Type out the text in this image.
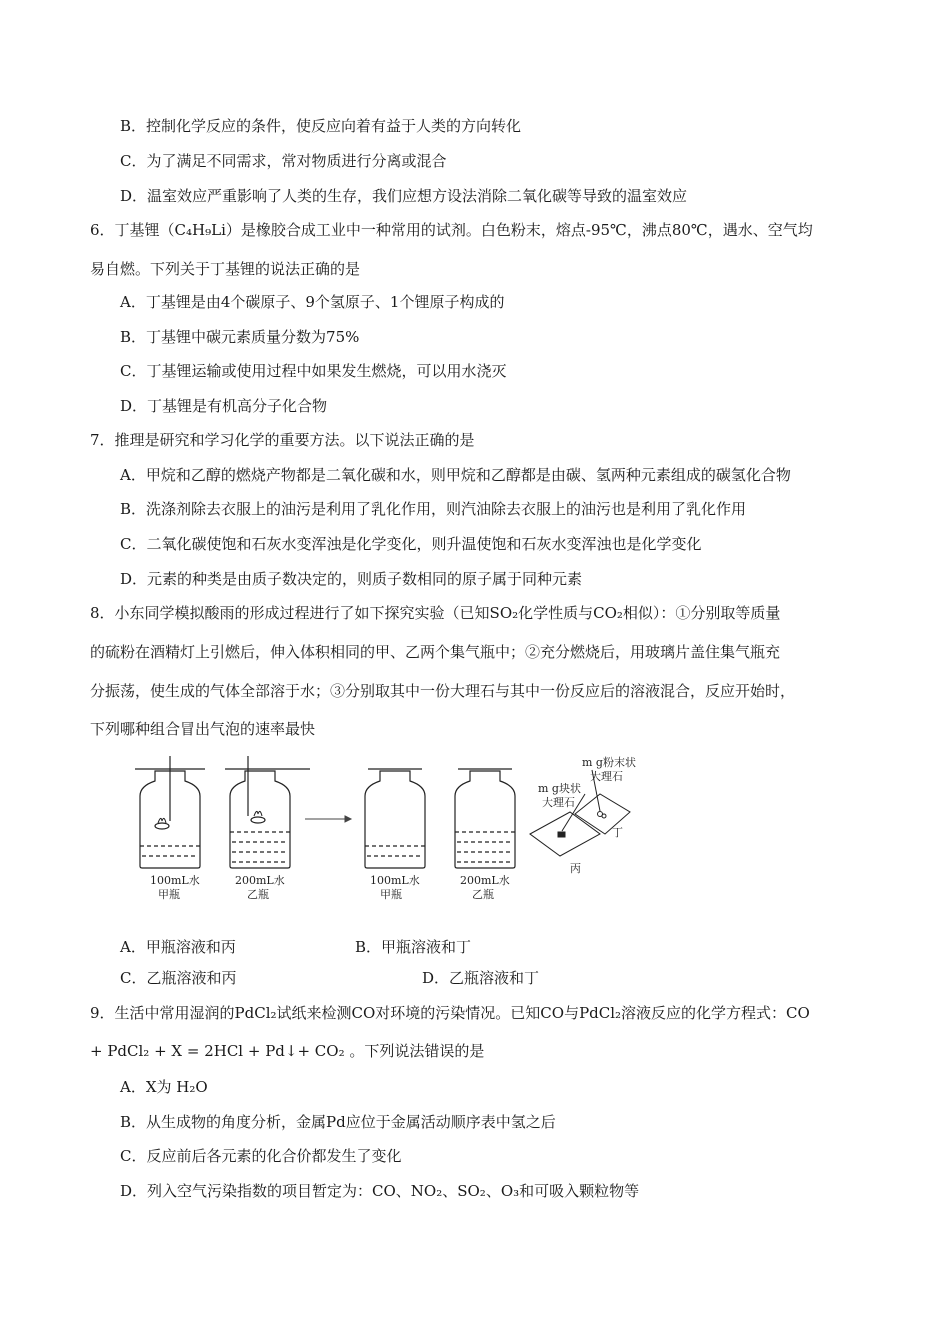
B．控制化学反应的条件，使反应向着有益于人类的方向转化
C．为了满足不同需求，常对物质进行分离或混合
D．温室效应严重影响了人类的生存，我们应想方设法消除二氧化碳等导致的温室效应
6．丁基锂（C₄H₉Li）是橡胶合成工业中一种常用的试剂。白色粉末，熔点-95℃，沸点80℃，遇水、空气均
易自燃。下列关于丁基锂的说法正确的是
A．丁基锂是由4个碳原子、9个氢原子、1个锂原子构成的
B．丁基锂中碳元素质量分数为75%
C．丁基锂运输或使用过程中如果发生燃烧，可以用水浇灭
D．丁基锂是有机高分子化合物
7．推理是研究和学习化学的重要方法。以下说法正确的是
A．甲烷和乙醇的燃烧产物都是二氧化碳和水，则甲烷和乙醇都是由碳、氢两种元素组成的碳氢化合物
B．洗涤剂除去衣服上的油污是利用了乳化作用，则汽油除去衣服上的油污也是利用了乳化作用
C．二氧化碳使饱和石灰水变浑浊是化学变化，则升温使饱和石灰水变浑浊也是化学变化
D．元素的种类是由质子数决定的，则质子数相同的原子属于同种元素
8．小东同学模拟酸雨的形成过程进行了如下探究实验（已知SO₂化学性质与CO₂相似）：①分别取等质量
的硫粉在酒精灯上引燃后，伸入体积相同的甲、乙两个集气瓶中；②充分燃烧后，用玻璃片盖住集气瓶充
分振荡，使生成的气体全部溶于水；③分别取其中一份大理石与其中一份反应后的溶液混合，反应开始时，
下列哪种组合冒出气泡的速率最快
100mL水
甲瓶
200mL水
乙瓶
100mL水
甲瓶
200mL水
乙瓶
m g粉末状
大理石
m g块状
大理石
丁
丙
A．甲瓶溶液和丙	B．甲瓶溶液和丁
C．乙瓶溶液和丙	D．乙瓶溶液和丁
9．生活中常用湿润的PdCl₂试纸来检测CO对环境的污染情况。已知CO与PdCl₂溶液反应的化学方程式：CO
+ PdCl₂ + X = 2HCl + Pd↓+ CO₂ 。下列说法错误的是
A．X为 H₂O
B．从生成物的角度分析，金属Pd应位于金属活动顺序表中氢之后
C．反应前后各元素的化合价都发生了变化
D．列入空气污染指数的项目暂定为：CO、NO₂、SO₂、O₃和可吸入颗粒物等
